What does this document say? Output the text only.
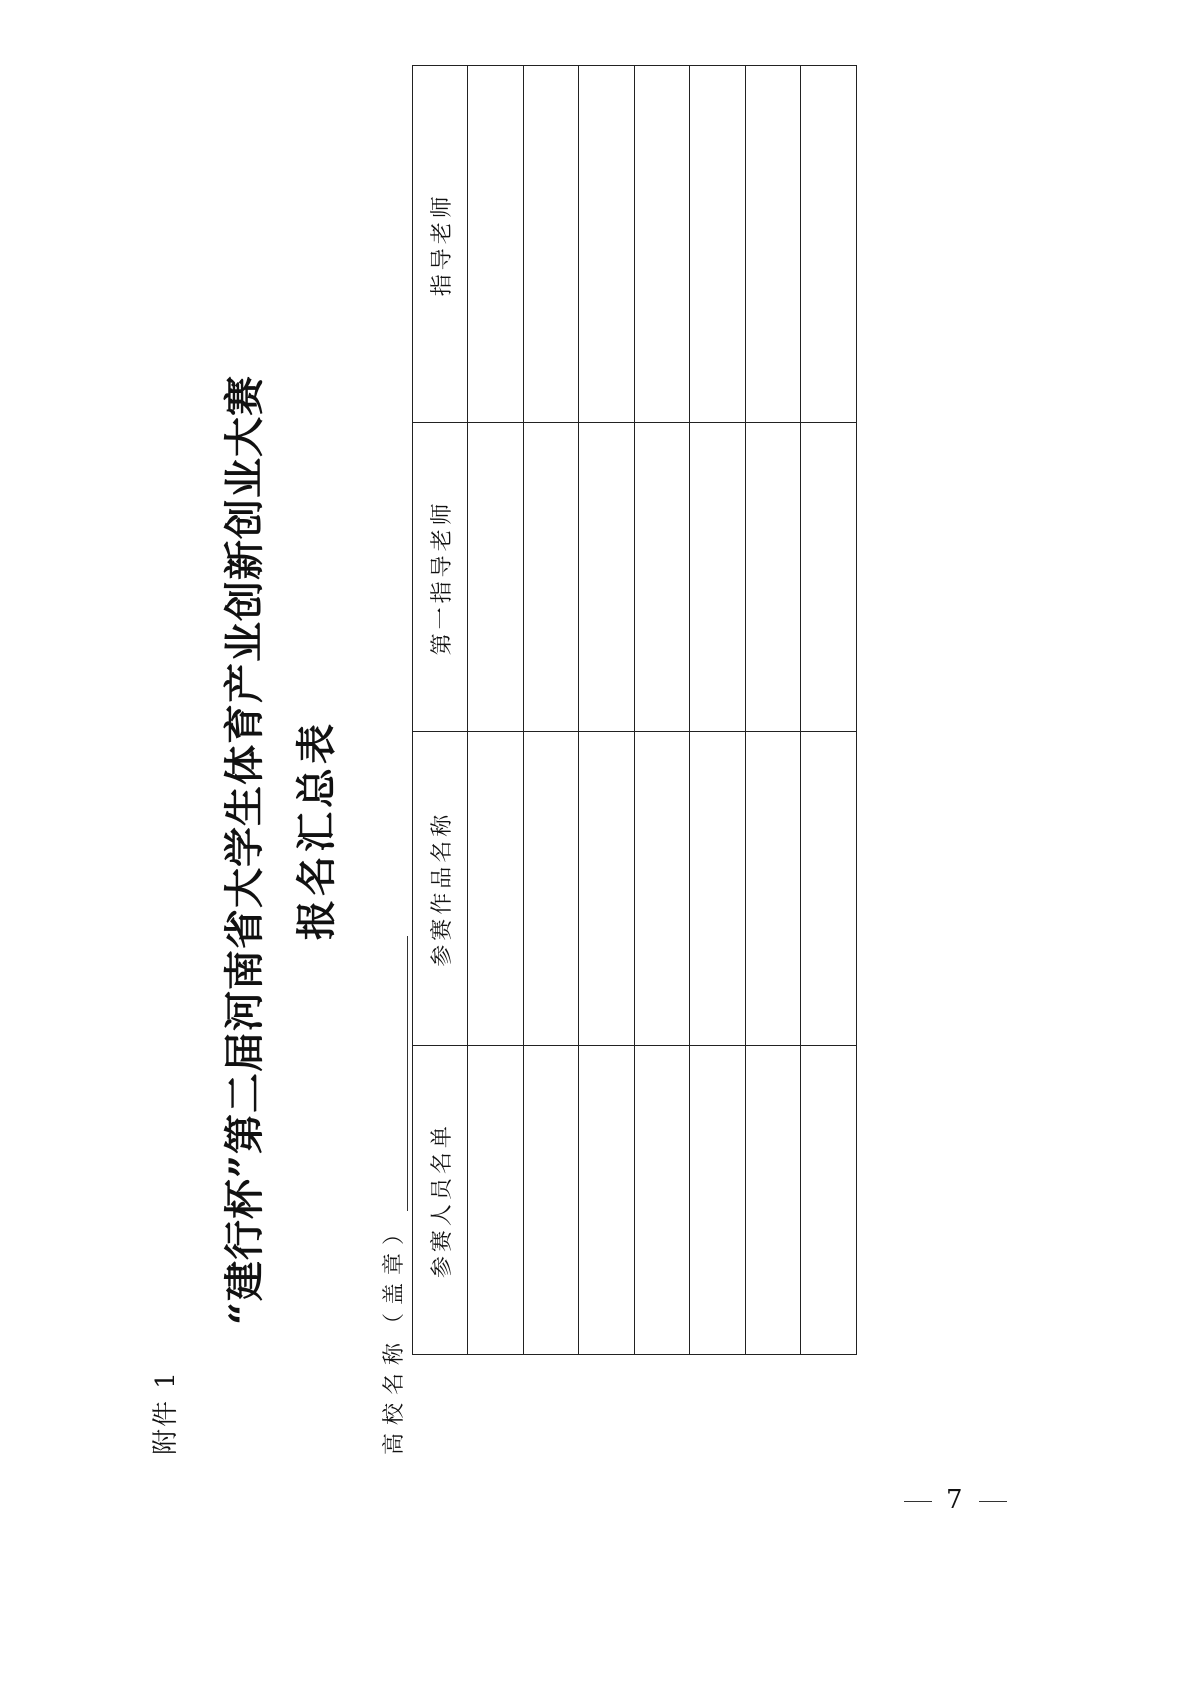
附件 1
“建行杯”第二届河南省大学生体育产业创新创业大赛 报名汇总表
高校名称（盖章）
参赛人员名单	参赛作品名称	第一指导老师	指导老师

7
